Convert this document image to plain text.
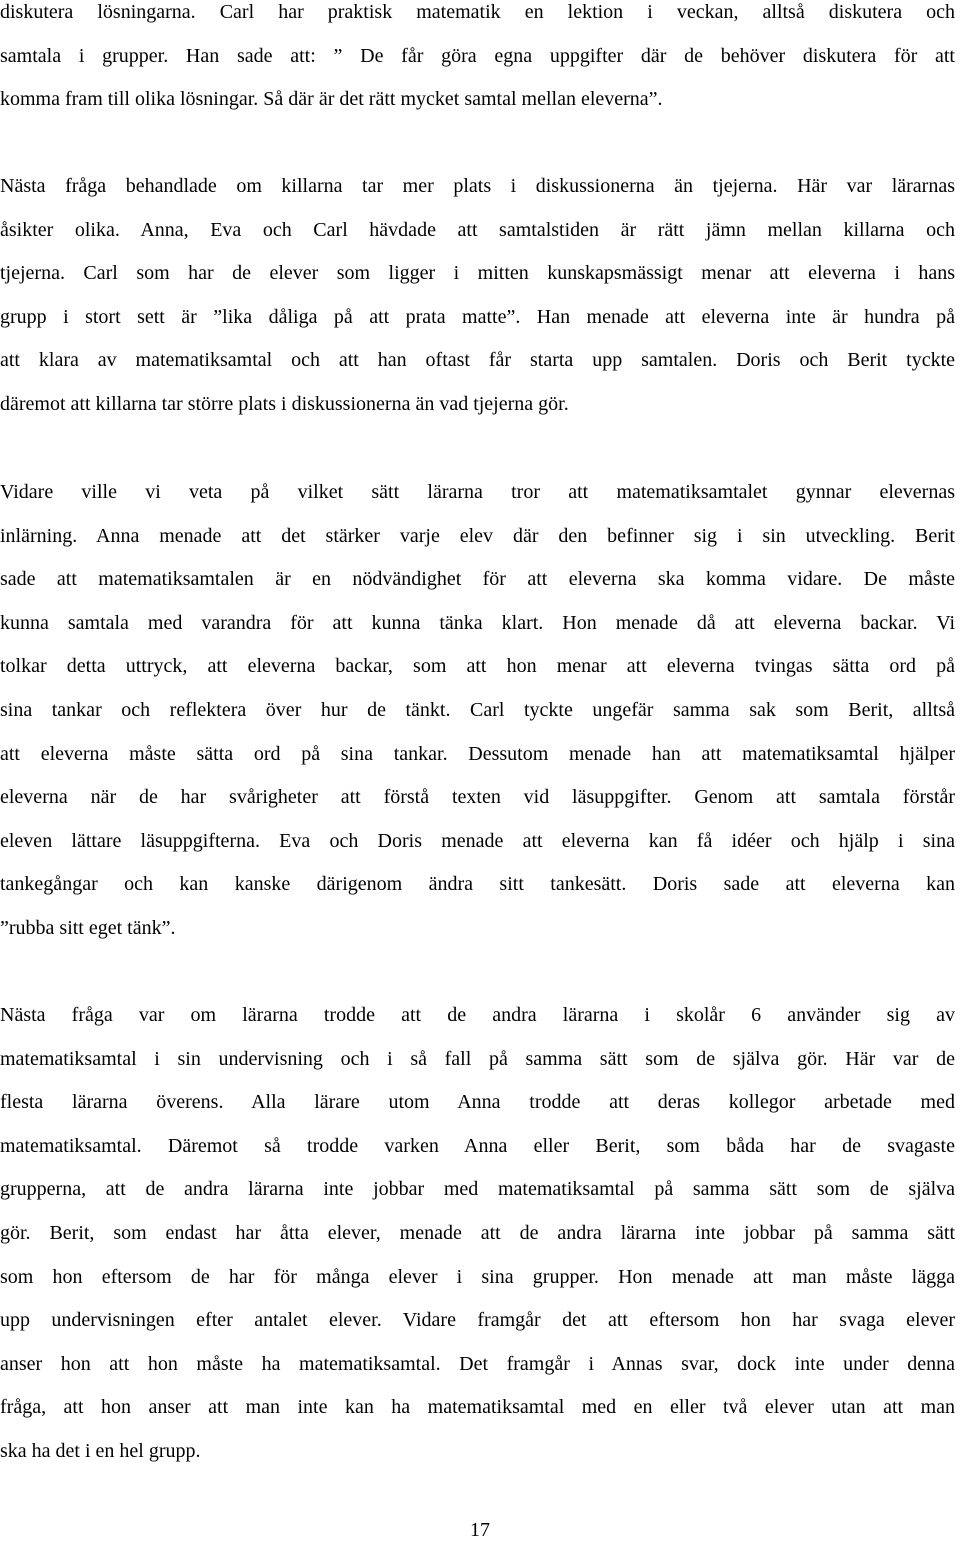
diskutera lösningarna. Carl har praktisk matematik en lektion i veckan, alltså diskutera och
samtala i grupper. Han sade att: ” De får göra egna uppgifter där de behöver diskutera för att
komma fram till olika lösningar. Så där är det rätt mycket samtal mellan eleverna”.
Nästa fråga behandlade om killarna tar mer plats i diskussionerna än tjejerna. Här var lärarnas
åsikter olika. Anna, Eva och Carl hävdade att samtalstiden är rätt jämn mellan killarna och
tjejerna. Carl som har de elever som ligger i mitten kunskapsmässigt menar att eleverna i hans
grupp i stort sett är ”lika dåliga på att prata matte”. Han menade att eleverna inte är hundra på
att klara av matematiksamtal och att han oftast får starta upp samtalen. Doris och Berit tyckte
däremot att killarna tar större plats i diskussionerna än vad tjejerna gör.
Vidare ville vi veta på vilket sätt lärarna tror att matematiksamtalet gynnar elevernas
inlärning. Anna menade att det stärker varje elev där den befinner sig i sin utveckling. Berit
sade att matematiksamtalen är en nödvändighet för att eleverna ska komma vidare. De måste
kunna samtala med varandra för att kunna tänka klart. Hon menade då att eleverna backar. Vi
tolkar detta uttryck, att eleverna backar, som att hon menar att eleverna tvingas sätta ord på
sina tankar och reflektera över hur de tänkt. Carl tyckte ungefär samma sak som Berit, alltså
att eleverna måste sätta ord på sina tankar. Dessutom menade han att matematiksamtal hjälper
eleverna när de har svårigheter att förstå texten vid läsuppgifter. Genom att samtala förstår
eleven lättare läsuppgifterna. Eva och Doris menade att eleverna kan få idéer och hjälp i sina
tankegångar och kan kanske därigenom ändra sitt tankesätt. Doris sade att eleverna kan
”rubba sitt eget tänk”.
Nästa fråga var om lärarna trodde att de andra lärarna i skolår 6 använder sig av
matematiksamtal i sin undervisning och i så fall på samma sätt som de själva gör. Här var de
flesta lärarna överens. Alla lärare utom Anna trodde att deras kollegor arbetade med
matematiksamtal. Däremot så trodde varken Anna eller Berit, som båda har de svagaste
grupperna, att de andra lärarna inte jobbar med matematiksamtal på samma sätt som de själva
gör. Berit, som endast har åtta elever, menade att de andra lärarna inte jobbar på samma sätt
som hon eftersom de har för många elever i sina grupper. Hon menade att man måste lägga
upp undervisningen efter antalet elever. Vidare framgår det att eftersom hon har svaga elever
anser hon att hon måste ha matematiksamtal. Det framgår i Annas svar, dock inte under denna
fråga, att hon anser att man inte kan ha matematiksamtal med en eller två elever utan att man
ska ha det i en hel grupp.
17
